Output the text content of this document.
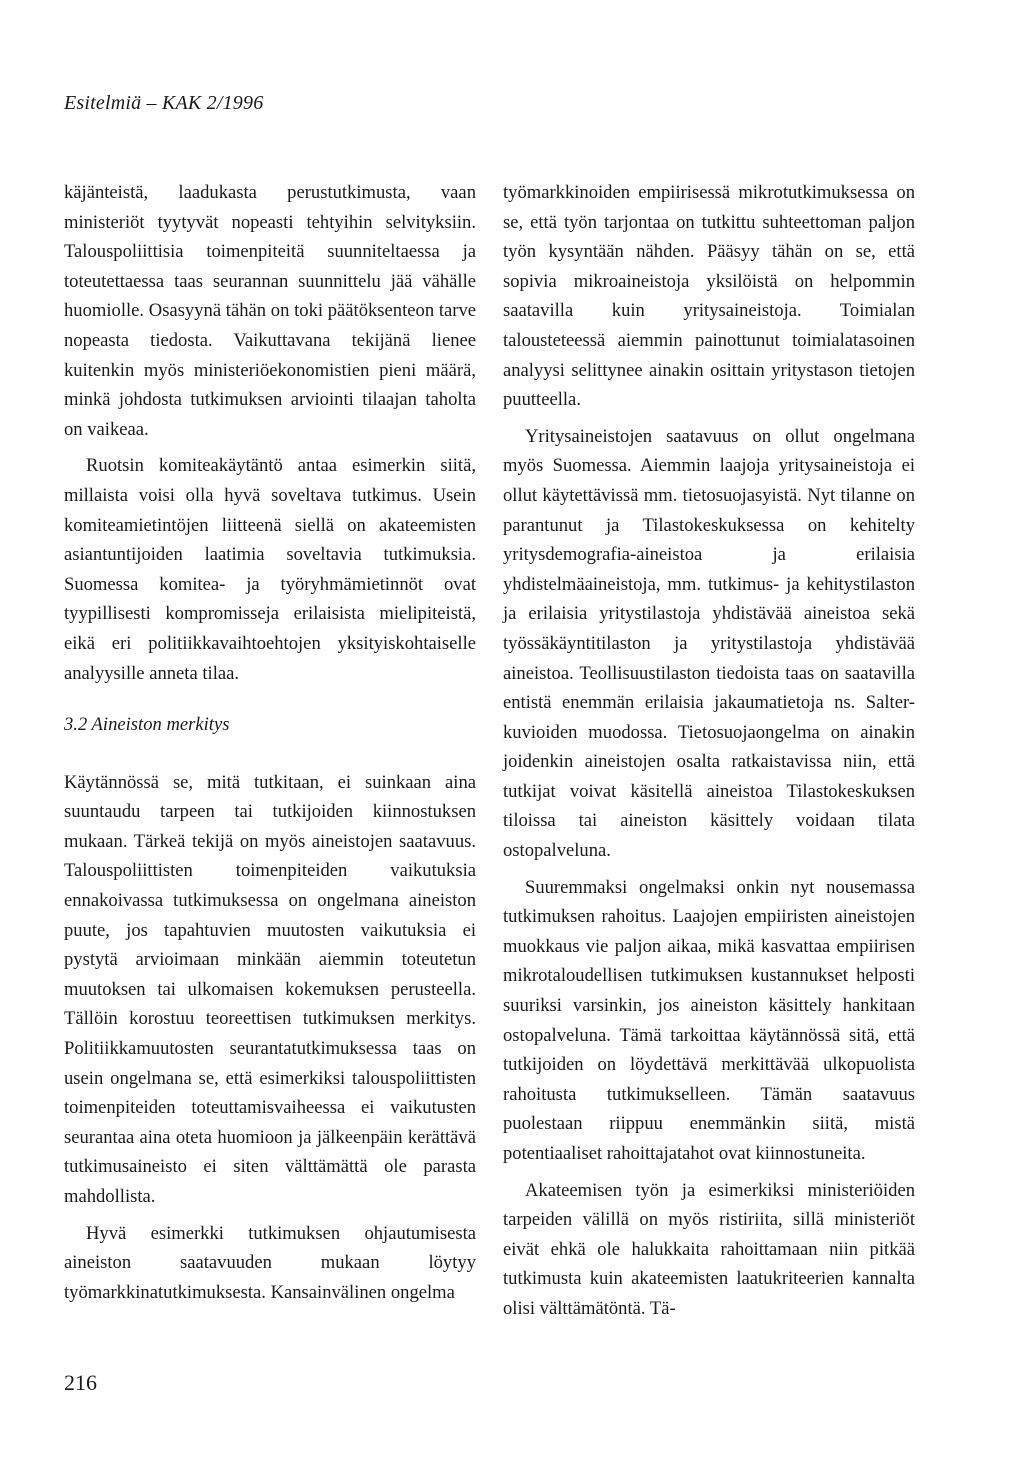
Esitelmiä – KAK 2/1996

käjänteistä, laadukasta perustutkimusta, vaan ministeriöt tyytyvät nopeasti tehtyihin selvityksiin. Talouspoliittisia toimenpiteitä suunniteltaessa ja toteutettaessa taas seurannan suunnittelu jää vähälle huomiolle. Osasyynä tähän on toki päätöksenteon tarve nopeasta tiedosta. Vaikuttavana tekijänä lienee kuitenkin myös ministeriöekonomistien pieni määrä, minkä johdosta tutkimuksen arviointi tilaajan taholta on vaikeaa.

Ruotsin komiteakäytäntö antaa esimerkin siitä, millaista voisi olla hyvä soveltava tutkimus. Usein komiteamietintöjen liitteenä siellä on akateemisten asiantuntijoiden laatimia soveltavia tutkimuksia. Suomessa komitea- ja työryhmämietinnöt ovat tyypillisesti kompromisseja erilaisista mielipiteistä, eikä eri politiikkavaihtoehtojen yksityiskohtaiselle analyysille anneta tilaa.

3.2 Aineiston merkitys

Käytännössä se, mitä tutkitaan, ei suinkaan aina suuntaudu tarpeen tai tutkijoiden kiinnostuksen mukaan. Tärkeä tekijä on myös aineistojen saatavuus. Talouspoliittisten toimenpiteiden vaikutuksia ennakoivassa tutkimuksessa on ongelmana aineiston puute, jos tapahtuvien muutosten vaikutuksia ei pystytä arvioimaan minkään aiemmin toteutetun muutoksen tai ulkomaisen kokemuksen perusteella. Tällöin korostuu teoreettisen tutkimuksen merkitys. Politiikkamuutosten seurantatutkimuksessa taas on usein ongelmana se, että esimerkiksi talouspoliittisten toimenpiteiden toteuttamisvaiheessa ei vaikutusten seurantaa aina oteta huomioon ja jälkeenpäin kerättävä tutkimusaineisto ei siten välttämättä ole parasta mahdollista.

Hyvä esimerkki tutkimuksen ohjautumisesta aineiston saatavuuden mukaan löytyy työmarkkinatutkimuksesta. Kansainvälinen ongelma

työmarkkinoiden empiirisessä mikrotutkimuksessa on se, että työn tarjontaa on tutkittu suhteettoman paljon työn kysyntään nähden. Pääsyy tähän on se, että sopivia mikroaineistoja yksilöistä on helpommin saatavilla kuin yritysaineistoja. Toimialan talousteteessä aiemmin painottunut toimialatasoinen analyysi selittynee ainakin osittain yritystason tietojen puutteella.

Yritysaineistojen saatavuus on ollut ongelmana myös Suomessa. Aiemmin laajoja yritysaineistoja ei ollut käytettävissä mm. tietosuojasyistä. Nyt tilanne on parantunut ja Tilastokeskuksessa on kehitelty yritysdemografia-aineistoa ja erilaisia yhdistelmäaineistoja, mm. tutkimus- ja kehitystilaston ja erilaisia yritystilastoja yhdistävää aineistoa sekä työssäkäyntitilaston ja yritystilastoja yhdistävää aineistoa. Teollisuustilaston tiedoista taas on saatavilla entistä enemmän erilaisia jakaumatietoja ns. Salter-kuvioiden muodossa. Tietosuojaongelma on ainakin joidenkin aineistojen osalta ratkaistavissa niin, että tutkijat voivat käsitellä aineistoa Tilastokeskuksen tiloissa tai aineiston käsittely voidaan tilata ostopalveluna.

Suuremmaksi ongelmaksi onkin nyt nousemassa tutkimuksen rahoitus. Laajojen empiiristen aineistojen muokkaus vie paljon aikaa, mikä kasvattaa empiirisen mikrotaloudellisen tutkimuksen kustannukset helposti suuriksi varsinkin, jos aineiston käsittely hankitaan ostopalveluna. Tämä tarkoittaa käytännössä sitä, että tutkijoiden on löydettävä merkittävää ulkopuolista rahoitusta tutkimukselleen. Tämän saatavuus puolestaan riippuu enemmänkin siitä, mistä potentiaaliset rahoittajatahot ovat kiinnostuneita.

Akateemisen työn ja esimerkiksi ministeriöiden tarpeiden välillä on myös ristiriita, sillä ministeriöt eivät ehkä ole halukkaita rahoittamaan niin pitkää tutkimusta kuin akateemisten laatukriteerien kannalta olisi välttämätöntä. Tä-

216
